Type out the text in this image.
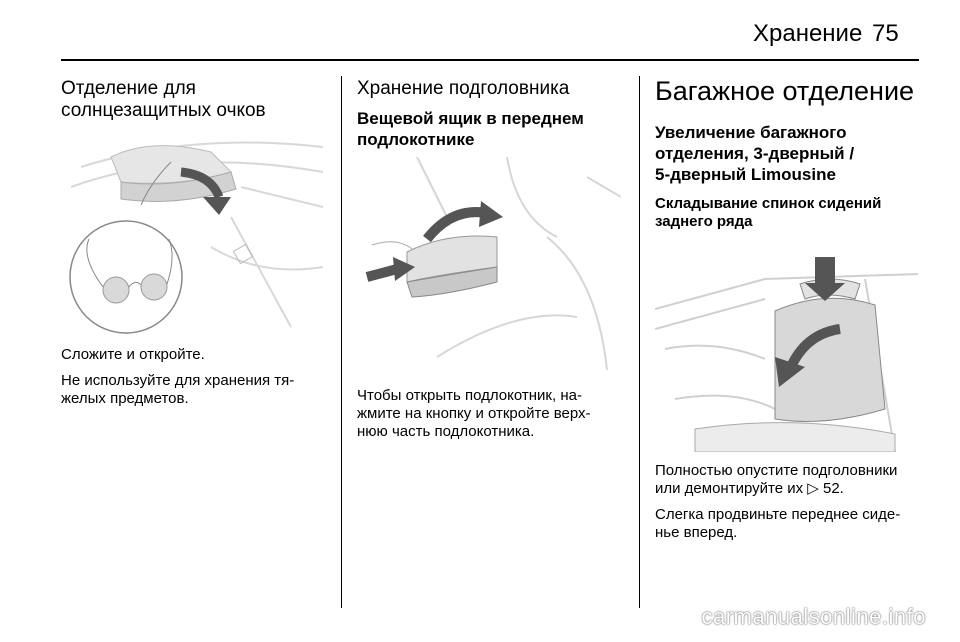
Хранение 75
Отделение для
солнцезащитных очков

Сложите и откройте.

Не используйте для хранения тя-

желых предметов.

Хранение подголовника
Вещевой ящик в переднем
подлокотнике

Чтобы открыть подлокотник, на-

жмите на кнопку и откройте верх-

нюю часть подлокотника.

Багажное отделение
Увеличение багажного
отделения, 3-дверный /
5-дверный Limousine
Складывание спинок сидений
заднего ряда

Полностью опустите подголовники

или демонтируйте их ▷ 52.

Слегка продвиньте переднее сиде-

нье вперед.

carmanualsonline.info
